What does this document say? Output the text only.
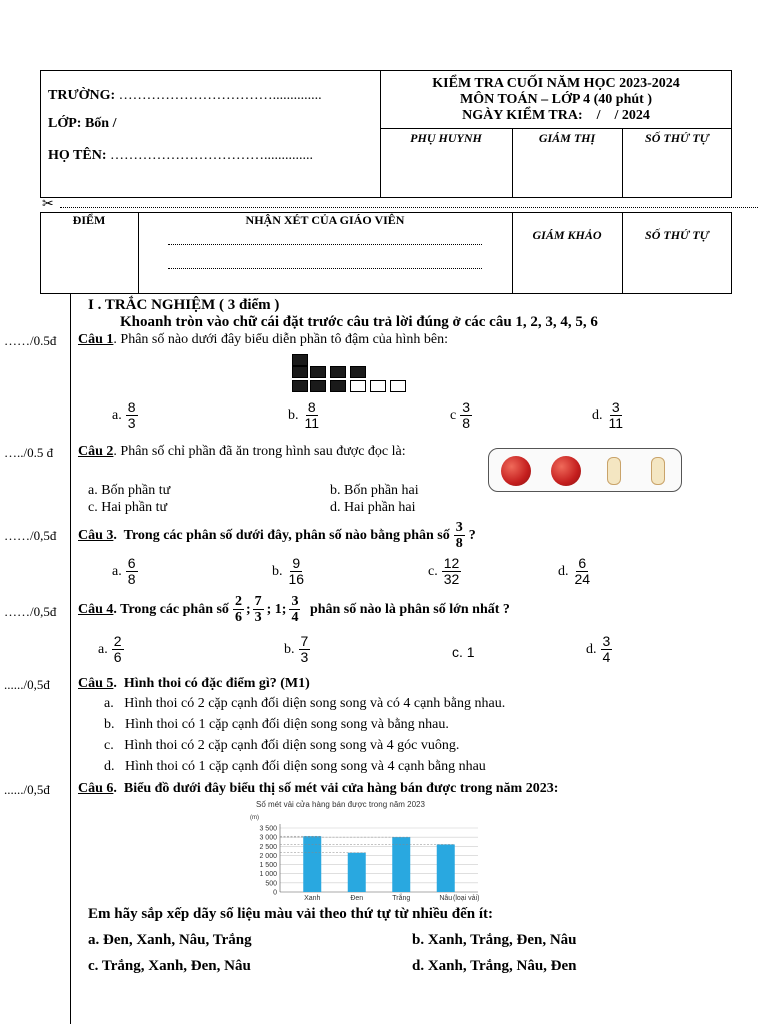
TRƯỜNG: ……………………………..............
LỚP: Bốn /
HỌ TÊN: ……………………………..............
KIỂM TRA CUỐI NĂM HỌC 2023-2024
MÔN TOÁN – LỚP 4 (40 phút )
NGÀY KIỂM TRA:    /    / 2024
PHỤ HUYNH	GIÁM THỊ	SỐ THỨ TỰ
✂
ĐIỂM	NHẬN XÉT CỦA GIÁO VIÊN
GIÁM KHẢO	SỐ THỨ TỰ
I . TRẮC NGHIỆM ( 3 điểm )
Khoanh tròn vào chữ cái đặt trước câu trả lời đúng ở các câu 1, 2, 3, 4, 5, 6
……/0.5đ Câu 1. Phân số nào dưới đây biểu diễn phần tô đậm của hình bên:
a. $\frac{8}{3}$	b. $\frac{8}{11}$	c $\frac{3}{8}$	d. $\frac{3}{11}$
…../0.5 đ Câu 2. Phân số chỉ phần đã ăn trong hình sau được đọc là:
a. Bốn phần tư	b. Bốn phần hai
c. Hai phần tư	d. Hai phần hai
……/0,5đ Câu 3 .  Trong các phân số dưới đây, phân số nào bằng phân số $\frac{3}{8}$ ?
a. $\frac{6}{8}$	b. $\frac{9}{16}$	c. $\frac{12}{32}$	d. $\frac{6}{24}$
……/0,5đ Câu 4 . Trong các phân số $\frac{2}{6}$ ; $\frac{7}{3}$ ; 1; $\frac{3}{4}$ phân số nào là phân số lớn nhất ?
a. $\frac{2}{6}$	b. $\frac{7}{3}$	c. 1	d. $\frac{3}{4}$
....../0,5đ Câu 5.  Hình thoi có đặc điểm gì? (M1)
a.   Hình thoi có 2 cặp cạnh đối diện song song và có 4 cạnh bằng nhau.
b.   Hình thoi có 1 cặp cạnh đối diện song song và bằng nhau.
c.   Hình thoi có 2 cặp cạnh đối diện song song và 4 góc vuông.
d.   Hình thoi có 1 cặp cạnh đối diện song song và 4 cạnh bằng nhau
....../0,5đ Câu 6.  Biểu đồ dưới đây biểu thị số mét vải cửa hàng bán được trong năm 2023:
Số mét vải cửa hàng bán được trong năm 2023
(m)
0
500
1 000
1 500
2 000
2 500
3 000
3 500
Xanh	Đen	Trắng	Nâu (loại vải)
Em hãy sắp xếp dãy số liệu màu vải theo thứ tự từ nhiều đến ít:
a. Đen, Xanh, Nâu, Trắng	b. Xanh, Trắng, Đen, Nâu
c. Trắng, Xanh, Đen, Nâu	d. Xanh, Trắng, Nâu, Đen
